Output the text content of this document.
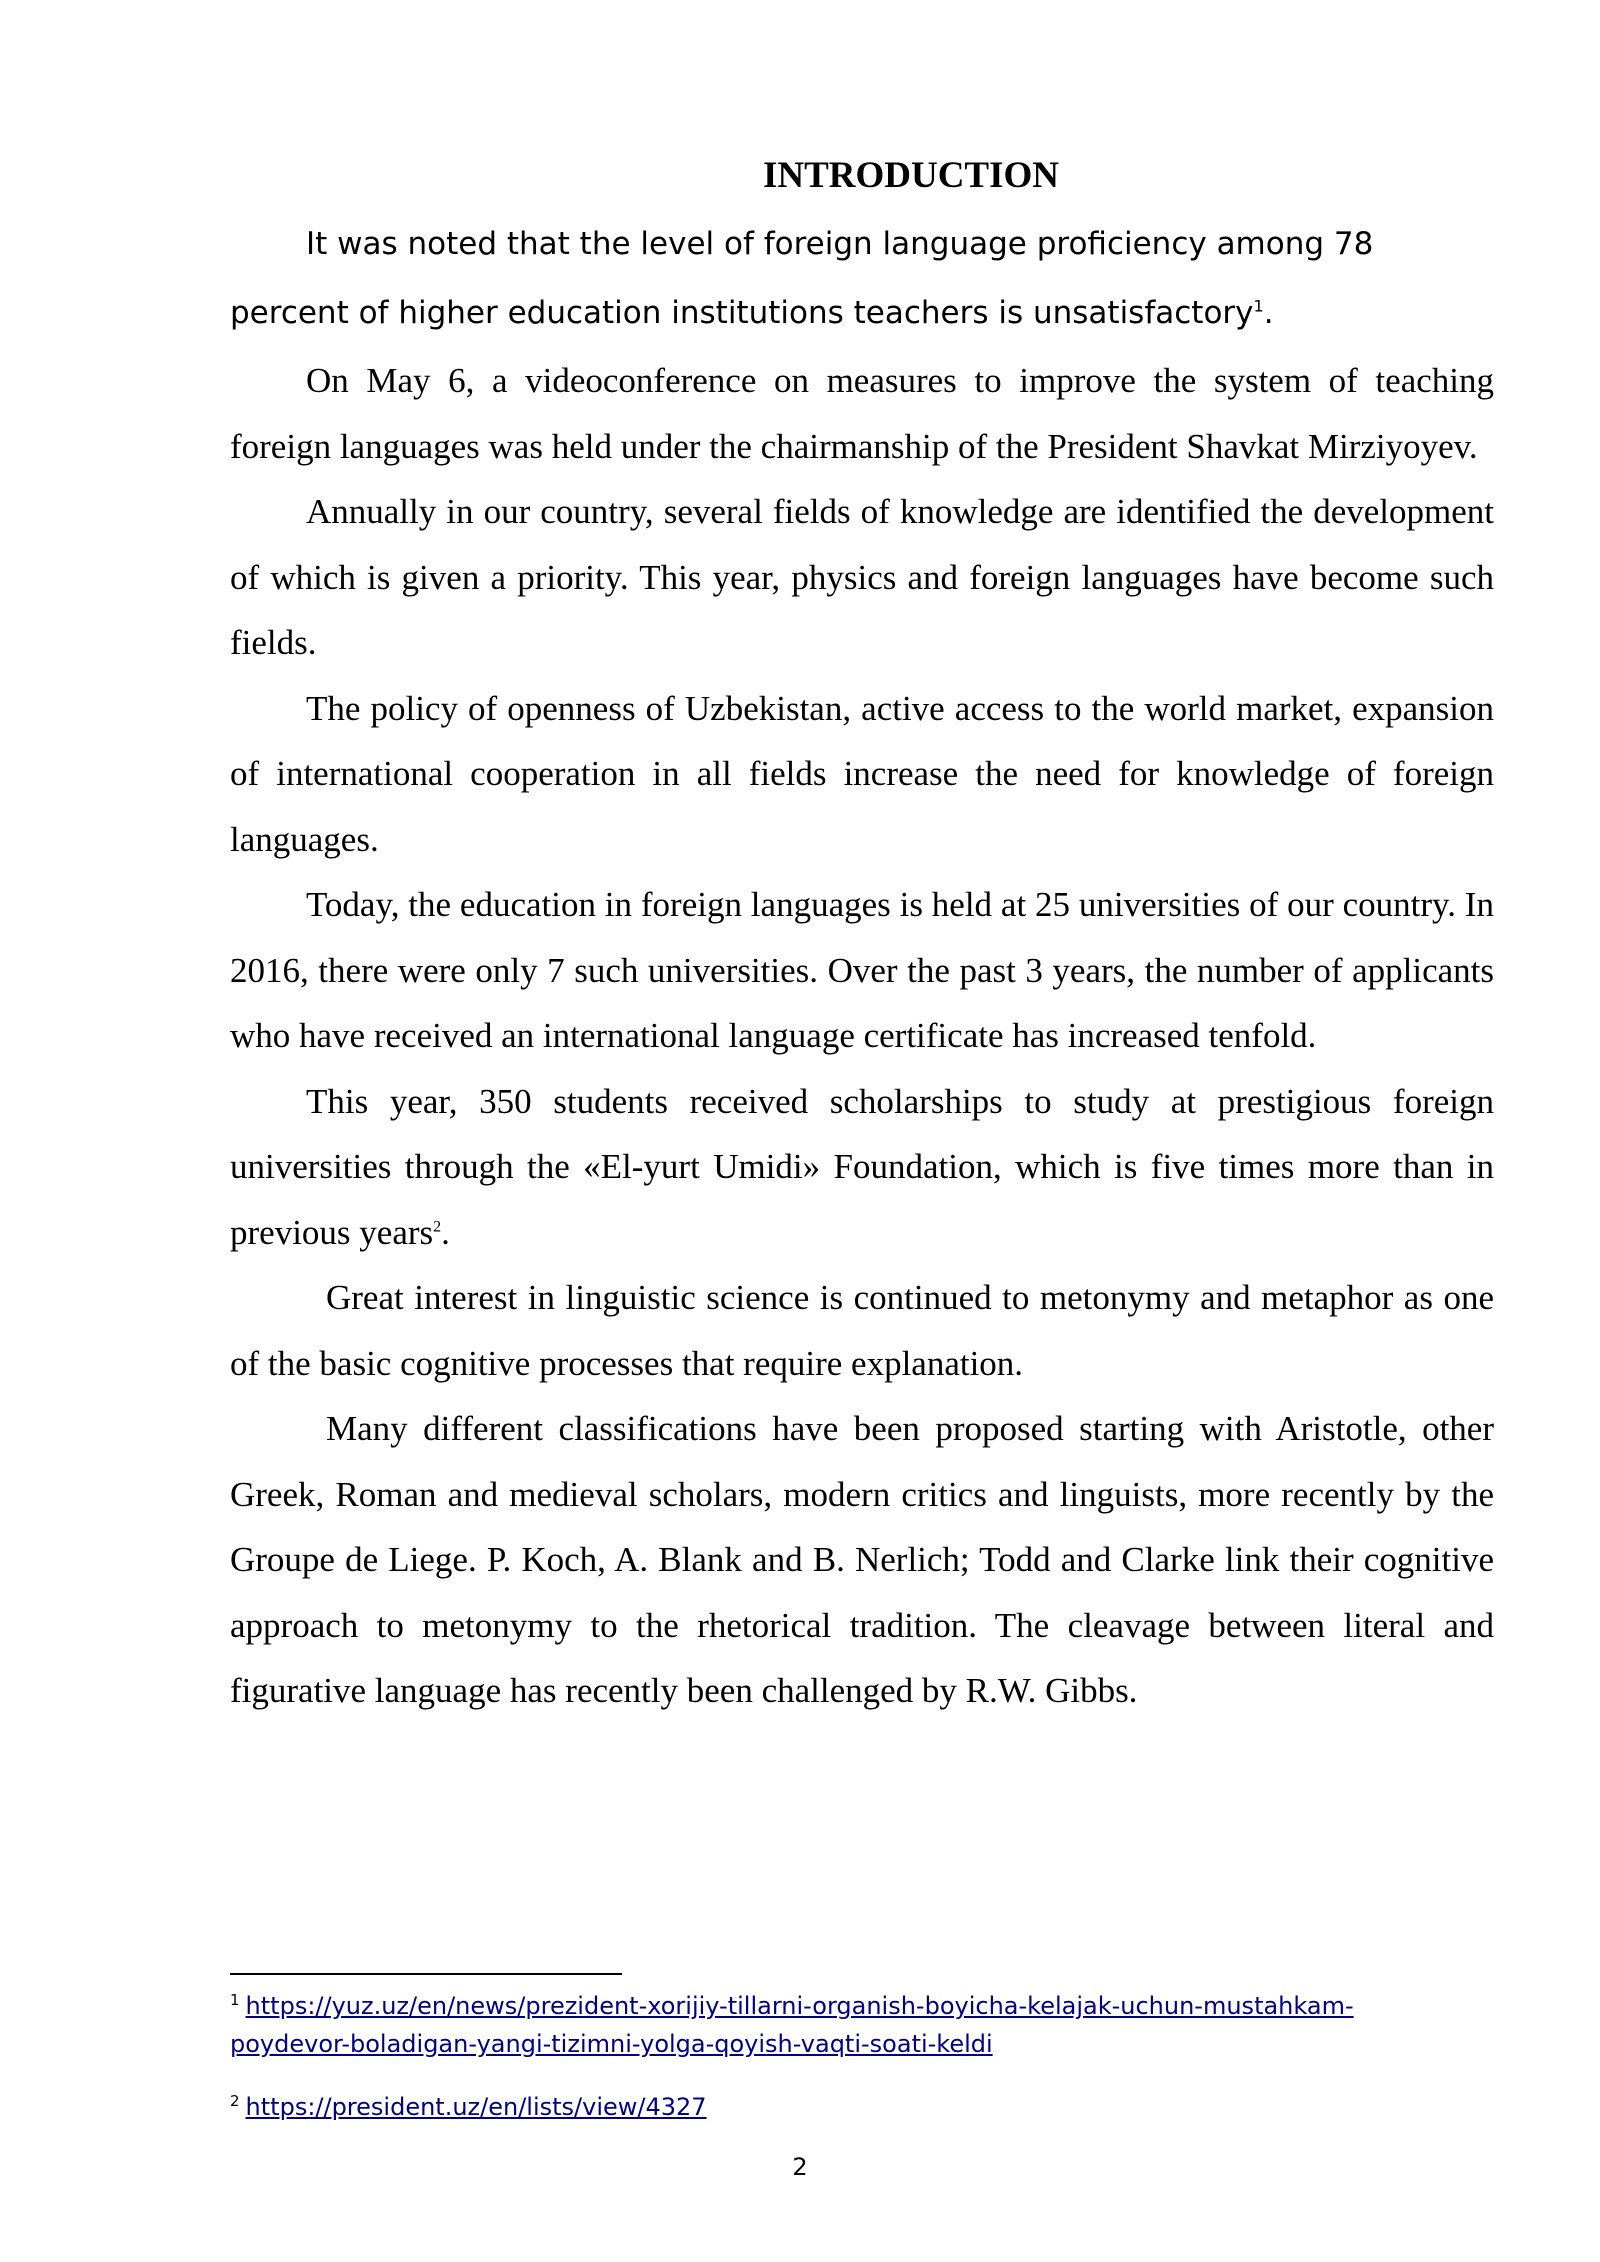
INTRODUCTION

It was noted that the level of foreign language proficiency among 78 percent of higher education institutions teachers is unsatisfactory$^1$.

On May 6, a videoconference on measures to improve the system of teaching foreign languages was held under the chairmanship of the President Shavkat Mirziyoyev.

Annually in our country, several fields of knowledge are identified the development of which is given a priority. This year, physics and foreign languages have become such fields.

The policy of openness of Uzbekistan, active access to the world market, expansion of international cooperation in all fields increase the need for knowledge of foreign languages.

Today, the education in foreign languages is held at 25 universities of our country. In 2016, there were only 7 such universities. Over the past 3 years, the number of applicants who have received an international language certificate has increased tenfold.

This year, 350 students received scholarships to study at prestigious foreign universities through the «El-yurt Umidi» Foundation, which is five times more than in previous years$^2$.

Great interest in linguistic science is continued to metonymy and metaphor as one of the basic cognitive processes that require explanation.

Many different classifications have been proposed starting with Aristotle, other Greek, Roman and medieval scholars, modern critics and linguists, more recently by the Groupe de Liege. P. Koch, A. Blank and B. Nerlich; Todd and Clarke link their cognitive approach to metonymy to the rhetorical tradition. The cleavage between literal and figurative language has recently been challenged by R.W. Gibbs.

$^1$ https://yuz.uz/en/news/prezident-xorijiy-tillarni-organish-boyicha-kelajak-uchun-mustahkam-poydevor-boladigan-yangi-tizimni-yolga-qoyish-vaqti-soati-keldi
$^2$ https://president.uz/en/lists/view/4327
2
